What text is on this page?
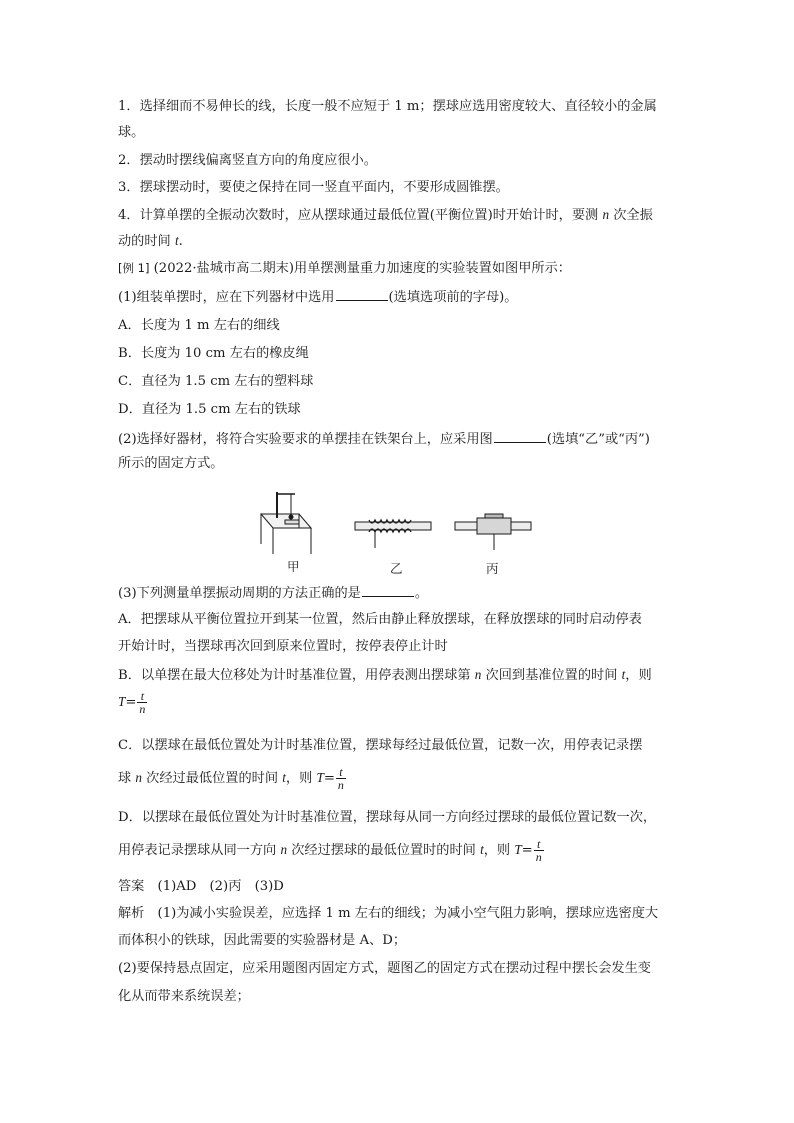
1．选择细而不易伸长的线，长度一般不应短于 1 m；摆球应选用密度较大、直径较小的金属
球。
2．摆动时摆线偏离竖直方向的角度应很小。
3．摆球摆动时，要使之保持在同一竖直平面内，不要形成圆锥摆。
4．计算单摆的全振动次数时，应从摆球通过最低位置(平衡位置)时开始计时，要测 n 次全振
动的时间 t.
[例 1] (2022·盐城市高二期末)用单摆测量重力加速度的实验装置如图甲所示：
(1)组装单摆时，应在下列器材中选用	(选填选项前的字母)。
A．长度为 1 m 左右的细线
B．长度为 10 cm 左右的橡皮绳
C．直径为 1.5 cm 左右的塑料球
D．直径为 1.5 cm 左右的铁球
(2)选择好器材，将符合实验要求的单摆挂在铁架台上，应采用图	(选填“乙”或“丙”)
所示的固定方式。
甲	乙	丙
(3)下列测量单摆振动周期的方法正确的是	。
A．把摆球从平衡位置拉开到某一位置，然后由静止释放摆球，在释放摆球的同时启动停表
开始计时，当摆球再次回到原来位置时，按停表停止计时
B．以单摆在最大位移处为计时基准位置，用停表测出摆球第 n 次回到基准位置的时间 t，则
$T= \frac{t}{n}$
C．以摆球在最低位置处为计时基准位置，摆球每经过最低位置，记数一次，用停表记录摆
球 n 次经过最低位置的时间 t，则 $T= \frac{t}{n}$
D．以摆球在最低位置处为计时基准位置，摆球每从同一方向经过摆球的最低位置记数一次，
用停表记录摆球从同一方向 n 次经过摆球的最低位置时的时间 t，则 $T= \frac{t}{n}$
答案　(1)AD　(2)丙　(3)D
解析　(1)为减小实验误差，应选择 1 m 左右的细线；为减小空气阻力影响，摆球应选密度大
而体积小的铁球，因此需要的实验器材是 A、D；
(2)要保持悬点固定，应采用题图丙固定方式，题图乙的固定方式在摆动过程中摆长会发生变
化从而带来系统误差；
